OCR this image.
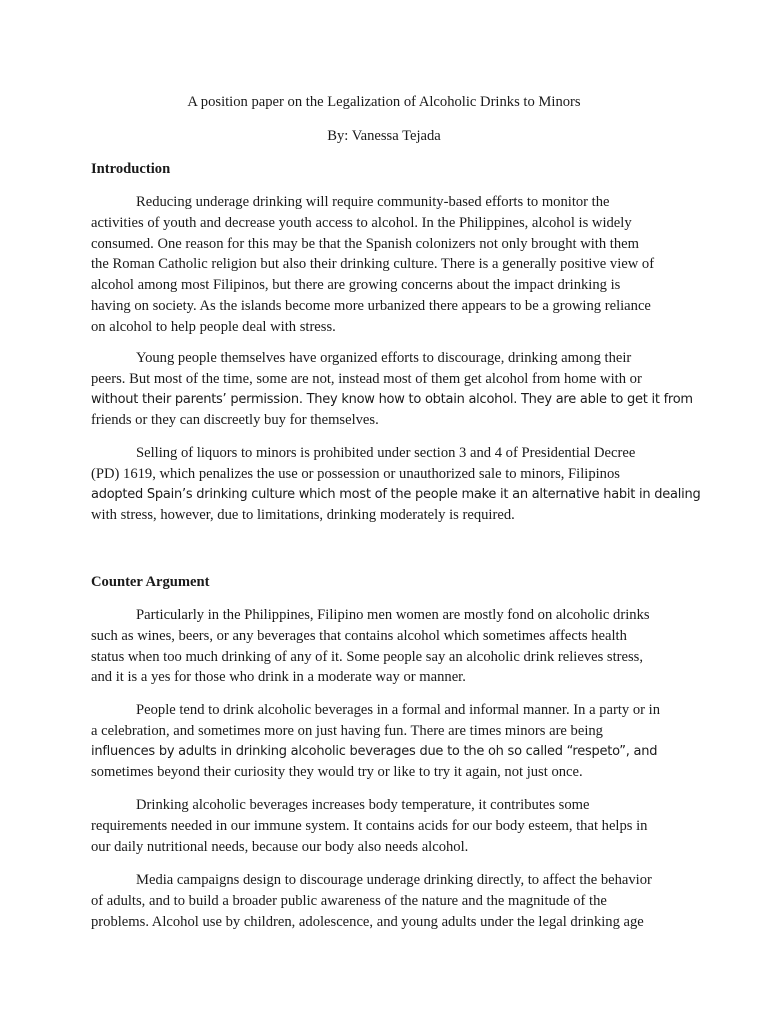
A position paper on the Legalization of Alcoholic Drinks to Minors
By: Vanessa Tejada
Introduction
Reducing underage drinking will require community-based efforts to monitor the
activities of youth and decrease youth access to alcohol. In the Philippines, alcohol is widely
consumed. One reason for this may be that the Spanish colonizers not only brought with them
the Roman Catholic religion but also their drinking culture. There is a generally positive view of
alcohol among most Filipinos, but there are growing concerns about the impact drinking is
having on society. As the islands become more urbanized there appears to be a growing reliance
on alcohol to help people deal with stress.
Young people themselves have organized efforts to discourage, drinking among their
peers. But most of the time, some are not, instead most of them get alcohol from home with or
without their parents’ permission. They know how to obtain alcohol. They are able to get it from
friends or they can discreetly buy for themselves.
Selling of liquors to minors is prohibited under section 3 and 4 of Presidential Decree
(PD) 1619, which penalizes the use or possession or unauthorized sale to minors, Filipinos
adopted Spain’s drinking culture which most of the people make it an alternative habit in dealing
with stress, however, due to limitations, drinking moderately is required.
Counter Argument
Particularly in the Philippines, Filipino men women are mostly fond on alcoholic drinks
such as wines, beers, or any beverages that contains alcohol which sometimes affects health
status when too much drinking of any of it. Some people say an alcoholic drink relieves stress,
and it is a yes for those who drink in a moderate way or manner.
People tend to drink alcoholic beverages in a formal and informal manner. In a party or in
a celebration, and sometimes more on just having fun. There are times minors are being
influences by adults in drinking alcoholic beverages due to the oh so called “respeto”, and
sometimes beyond their curiosity they would try or like to try it again, not just once.
Drinking alcoholic beverages increases body temperature, it contributes some
requirements needed in our immune system. It contains acids for our body esteem, that helps in
our daily nutritional needs, because our body also needs alcohol.
Media campaigns design to discourage underage drinking directly, to affect the behavior
of adults, and to build a broader public awareness of the nature and the magnitude of the
problems. Alcohol use by children, adolescence, and young adults under the legal drinking age
